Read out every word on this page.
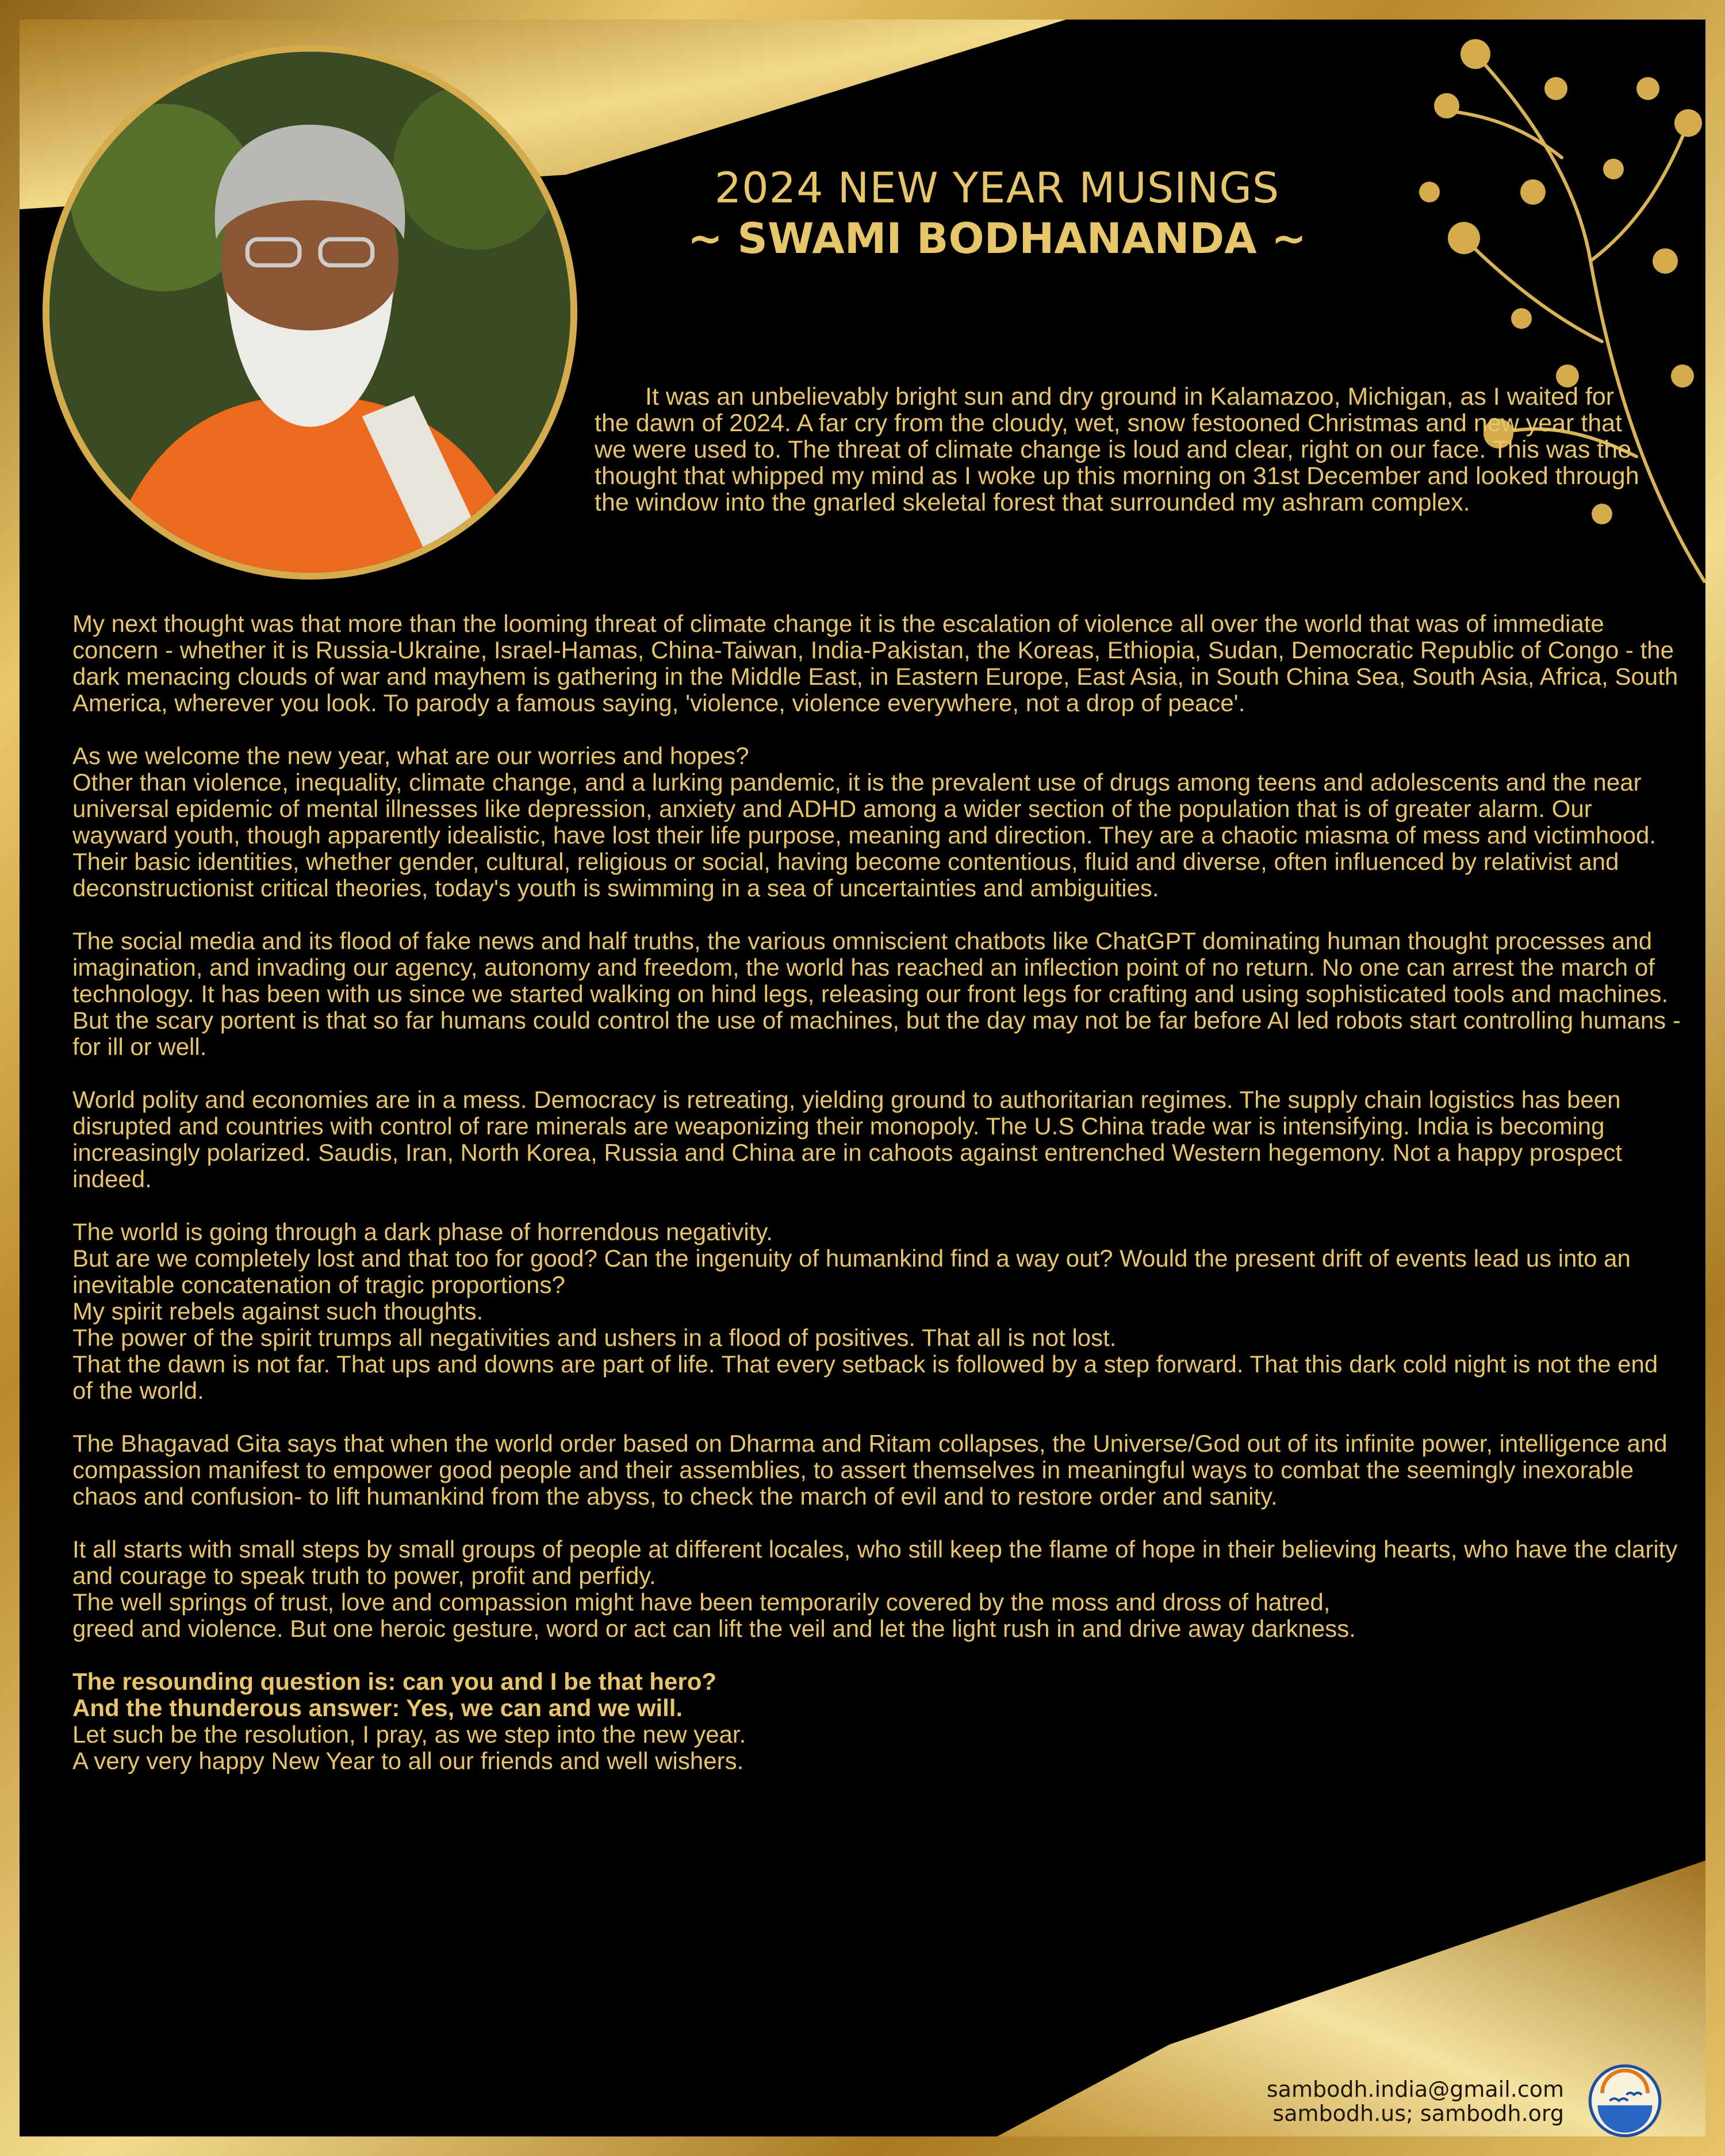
2024 NEW YEAR MUSINGS
~ SWAMI BODHANANDA ~

It was an unbelievably bright sun and dry ground in Kalamazoo, Michigan, as I waited for the dawn of 2024. A far cry from the cloudy, wet, snow festooned Christmas and new year that we were used to. The threat of climate change is loud and clear, right on our face. This was the thought that whipped my mind as I woke up this morning on 31st December and looked through the window into the gnarled skeletal forest that surrounded my ashram complex.

My next thought was that more than the looming threat of climate change it is the escalation of violence all over the world that was of immediate concern - whether it is Russia-Ukraine, Israel-Hamas, China-Taiwan, India-Pakistan, the Koreas, Ethiopia, Sudan, Democratic Republic of Congo - the dark menacing clouds of war and mayhem is gathering in the Middle East, in Eastern Europe, East Asia, in South China Sea, South Asia, Africa, South America, wherever you look. To parody a famous saying, 'violence, violence everywhere, not a drop of peace'.

As we welcome the new year, what are our worries and hopes?
Other than violence, inequality, climate change, and a lurking pandemic, it is the prevalent use of drugs among teens and adolescents and the near universal epidemic of mental illnesses like depression, anxiety and ADHD among a wider section of the population that is of greater alarm. Our wayward youth, though apparently idealistic, have lost their life purpose, meaning and direction. They are a chaotic miasma of mess and victimhood.
Their basic identities, whether gender, cultural, religious or social, having become contentious, fluid and diverse, often influenced by relativist and deconstructionist critical theories, today's youth is swimming in a sea of uncertainties and ambiguities.

The social media and its flood of fake news and half truths, the various omniscient chatbots like ChatGPT dominating human thought processes and imagination, and invading our agency, autonomy and freedom, the world has reached an inflection point of no return. No one can arrest the march of technology. It has been with us since we started walking on hind legs, releasing our front legs for crafting and using sophisticated tools and machines. But the scary portent is that so far humans could control the use of machines, but the day may not be far before AI led robots start controlling humans - for ill or well.

World polity and economies are in a mess. Democracy is retreating, yielding ground to authoritarian regimes. The supply chain logistics has been disrupted and countries with control of rare minerals are weaponizing their monopoly. The U.S China trade war is intensifying. India is becoming increasingly polarized. Saudis, Iran, North Korea, Russia and China are in cahoots against entrenched Western hegemony. Not a happy prospect indeed.

The world is going through a dark phase of horrendous negativity.
But are we completely lost and that too for good? Can the ingenuity of humankind find a way out? Would the present drift of events lead us into an inevitable concatenation of tragic proportions?
My spirit rebels against such thoughts.
The power of the spirit trumps all negativities and ushers in a flood of positives. That all is not lost.
That the dawn is not far. That ups and downs are part of life. That every setback is followed by a step forward. That this dark cold night is not the end of the world.

The Bhagavad Gita says that when the world order based on Dharma and Ritam collapses, the Universe/God out of its infinite power, intelligence and compassion manifest to empower good people and their assemblies, to assert themselves in meaningful ways to combat the seemingly inexorable chaos and confusion- to lift humankind from the abyss, to check the march of evil and to restore order and sanity.

It all starts with small steps by small groups of people at different locales, who still keep the flame of hope in their believing hearts, who have the clarity and courage to speak truth to power, profit and perfidy.
The well springs of trust, love and compassion might have been temporarily covered by the moss and dross of hatred,
greed and violence. But one heroic gesture, word or act can lift the veil and let the light rush in and drive away darkness.

The resounding question is: can you and I be that hero?
And the thunderous answer: Yes, we can and we will.
Let such be the resolution, I pray, as we step into the new year.
A very very happy New Year to all our friends and well wishers.

sambodh.india@gmail.com
sambodh.us; sambodh.org
